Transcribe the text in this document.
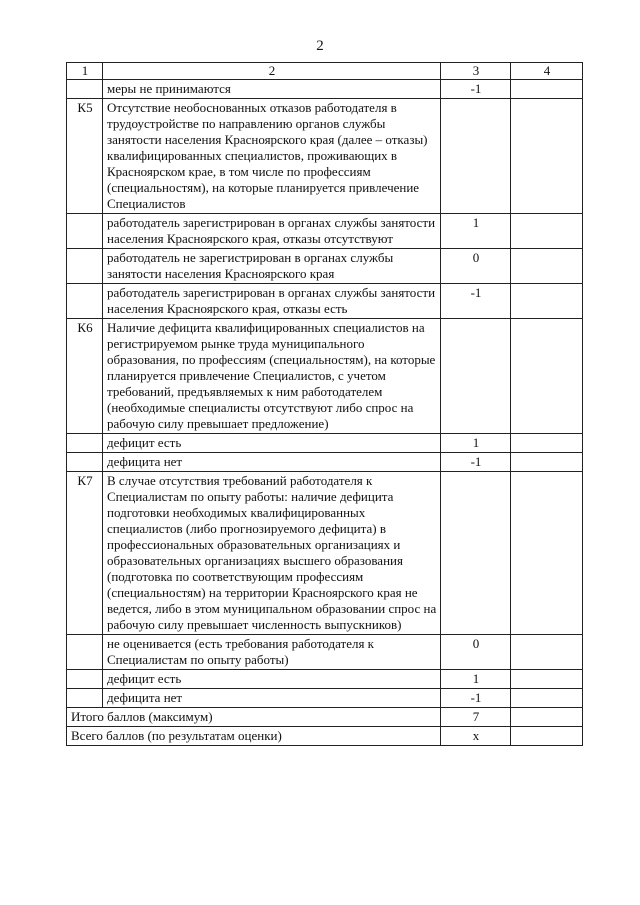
2
1	2	3	4
	меры не принимаются	-1	
К5	Отсутствие необоснованных отказов работодателя в трудоустройстве по направлению органов службы занятости населения Красноярского края (далее – отказы) квалифицированных специалистов, проживающих в Красноярском крае, в том числе по профессиям (специальностям), на которые планируется привлечение Специалистов		
	работодатель зарегистрирован в органах службы занятости населения Красноярского края, отказы отсутствуют	1	
	работодатель не зарегистрирован в органах службы занятости населения Красноярского края	0	
	работодатель зарегистрирован в органах службы занятости населения Красноярского края, отказы есть	-1	
К6	Наличие дефицита квалифицированных специалистов на регистрируемом рынке труда муниципального образования, по профессиям (специальностям), на которые планируется привлечение Специалистов, с учетом требований, предъявляемых к ним работодателем (необходимые специалисты отсутствуют либо спрос на рабочую силу превышает предложение)		
	дефицит есть	1	
	дефицита нет	-1	
К7	В случае отсутствия требований работодателя к Специалистам по опыту работы: наличие дефицита подготовки необходимых квалифицированных специалистов (либо прогнозируемого дефицита) в профессиональных образовательных организациях и образовательных организациях высшего образования (подготовка по соответствующим профессиям (специальностям) на территории Красноярского края не ведется, либо в этом муниципальном образовании спрос на рабочую силу превышает численность выпускников)		
	не оценивается (есть требования работодателя к Специалистам по опыту работы)	0	
	дефицит есть	1	
	дефицита нет	-1	
Итого баллов (максимум)		7	
Всего баллов (по результатам оценки)		x	
